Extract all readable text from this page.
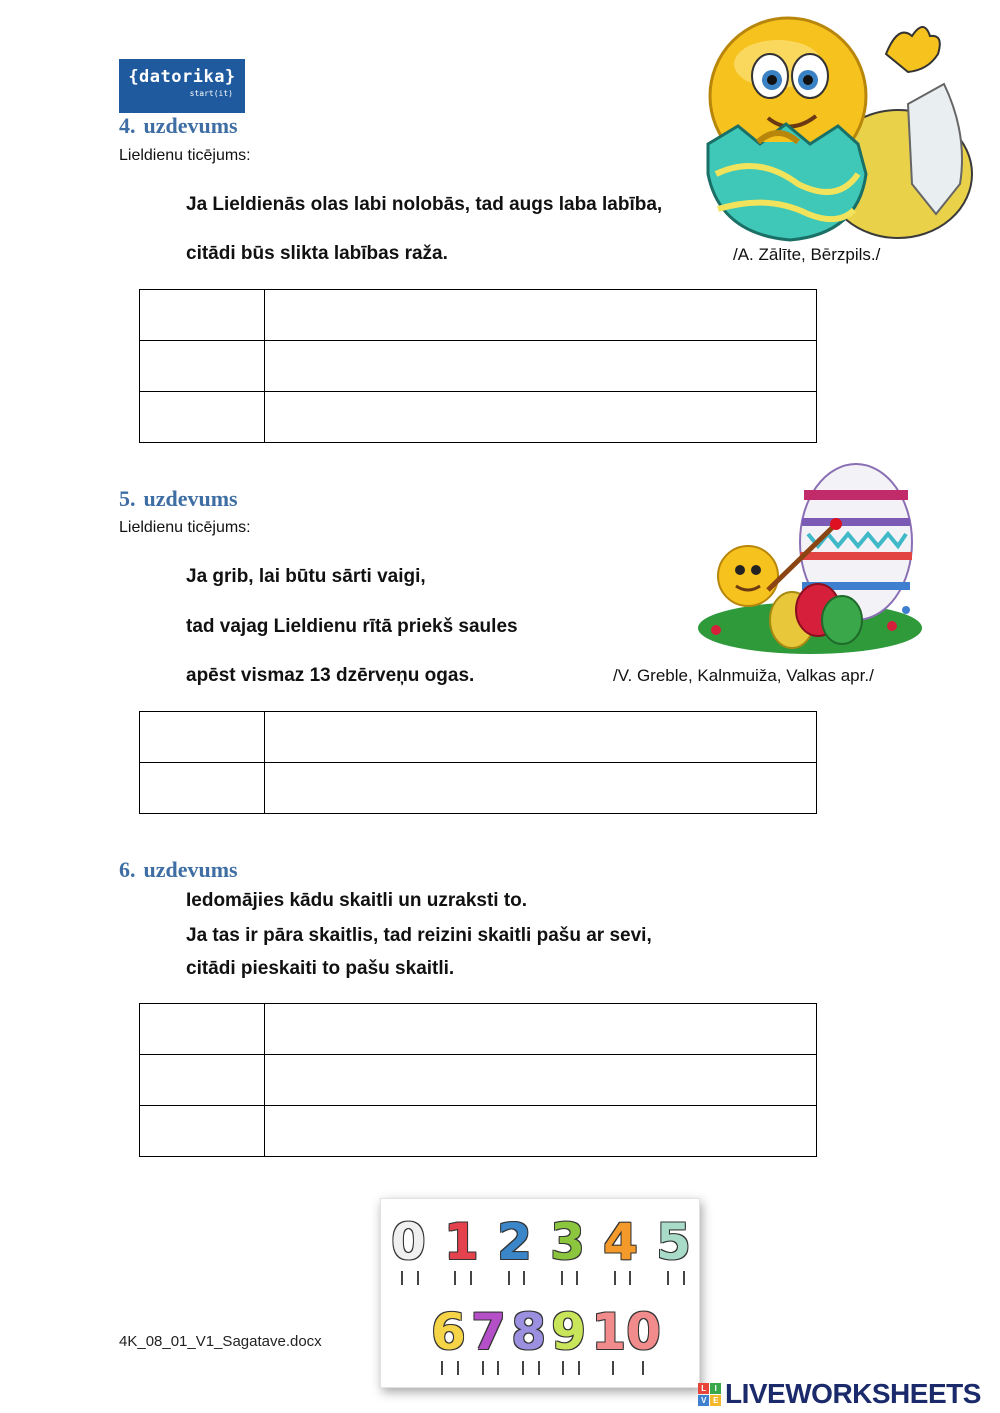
{datorika}
start(it)
4. uzdevums
Lieldienu ticējums:
Ja Lieldienās olas labi nolobās, tad augs laba labība,
citādi būs slikta labības raža.	/A. Zālīte, Bērzpils./

5. uzdevums
Lieldienu ticējums:
Ja grib, lai būtu sārti vaigi,
tad vajag Lieldienu rītā priekš saules
apēst vismaz 13 dzērveņu ogas.	/V. Greble, Kalnmuiža, Valkas apr./

6. uzdevums
Iedomājies kādu skaitli un uzraksti to.
Ja tas ir pāra skaitlis, tad reizini skaitli pašu ar sevi,
citādi pieskaiti to pašu skaitli.

0 1 2 3 4 5
6 7 8 9 10
4K_08_01_V1_Sagatave.docx
L	I
V E LIVEWORKSHEETS
